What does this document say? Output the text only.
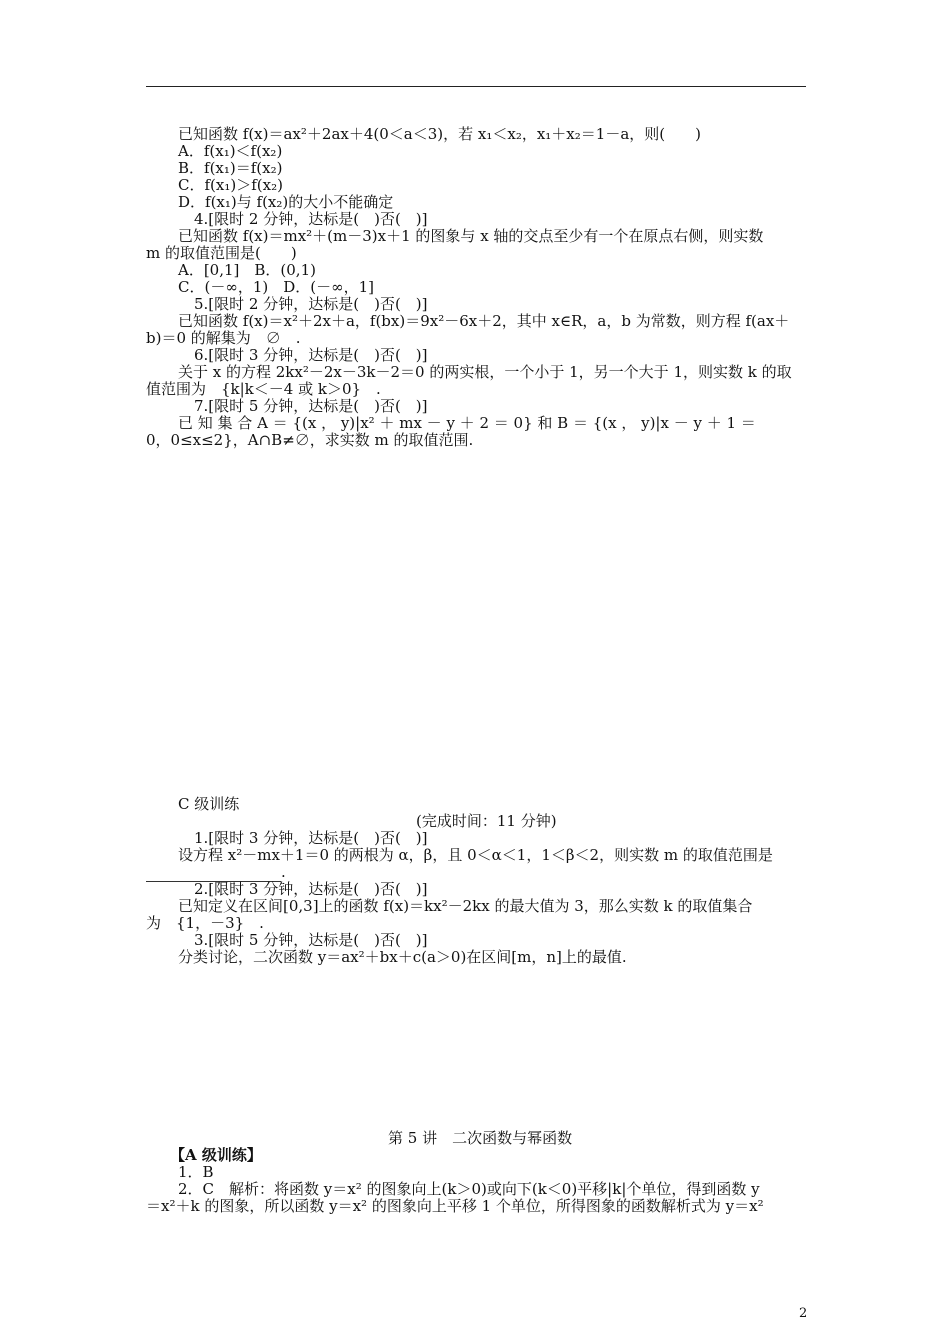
已知函数 f(x)＝ax²＋2ax＋4(0＜a＜3)，若 x₁＜x₂，x₁＋x₂＝1－a，则(　　)
A．f(x₁)＜f(x₂)
B．f(x₁)＝f(x₂)
C．f(x₁)＞f(x₂)
D．f(x₁)与 f(x₂)的大小不能确定
4.[限时 2 分钟，达标是(　)否(　)]
已知函数 f(x)＝mx²＋(m－3)x＋1 的图象与 x 轴的交点至少有一个在原点右侧，则实数
m 的取值范围是(　　)
A．[0,1]　B．(0,1)
C．(－∞，1)　D．(－∞，1]
5.[限时 2 分钟，达标是(　)否(　)]
已知函数 f(x)＝x²＋2x＋a，f(bx)＝9x²－6x＋2，其中 x∈R，a，b 为常数，则方程 f(ax＋
b)＝0 的解集为　∅　.
6.[限时 3 分钟，达标是(　)否(　)]
关于 x 的方程 2kx²－2x－3k－2＝0 的两实根，一个小于 1，另一个大于 1，则实数 k 的取
值范围为　{k|k＜－4 或 k＞0}　.
7.[限时 5 分钟，达标是(　)否(　)]
已 知 集 合 A ＝ {(x ， y)|x² ＋ mx － y ＋ 2 ＝ 0} 和 B ＝ {(x ， y)|x － y ＋ 1 ＝
0，0≤x≤2}，A∩B≠∅，求实数 m 的取值范围.
C 级训练
(完成时间：11 分钟)
1.[限时 3 分钟，达标是(　)否(　)]
设方程 x²－mx＋1＝0 的两根为 α，β，且 0＜α＜1，1＜β＜2，则实数 m 的取值范围是
.
2.[限时 3 分钟，达标是(　)否(　)]
已知定义在区间[0,3]上的函数 f(x)＝kx²－2kx 的最大值为 3，那么实数 k 的取值集合
为　{1，－3}　.
3.[限时 5 分钟，达标是(　)否(　)]
分类讨论，二次函数 y＝ax²＋bx＋c(a＞0)在区间[m，n]上的最值.
第 5 讲　二次函数与幂函数
【A 级训练】
1．B
2．C　解析：将函数 y＝x² 的图象向上(k＞0)或向下(k＜0)平移|k|个单位，得到函数 y
＝x²＋k 的图象，所以函数 y＝x² 的图象向上平移 1 个单位，所得图象的函数解析式为 y＝x²
2
